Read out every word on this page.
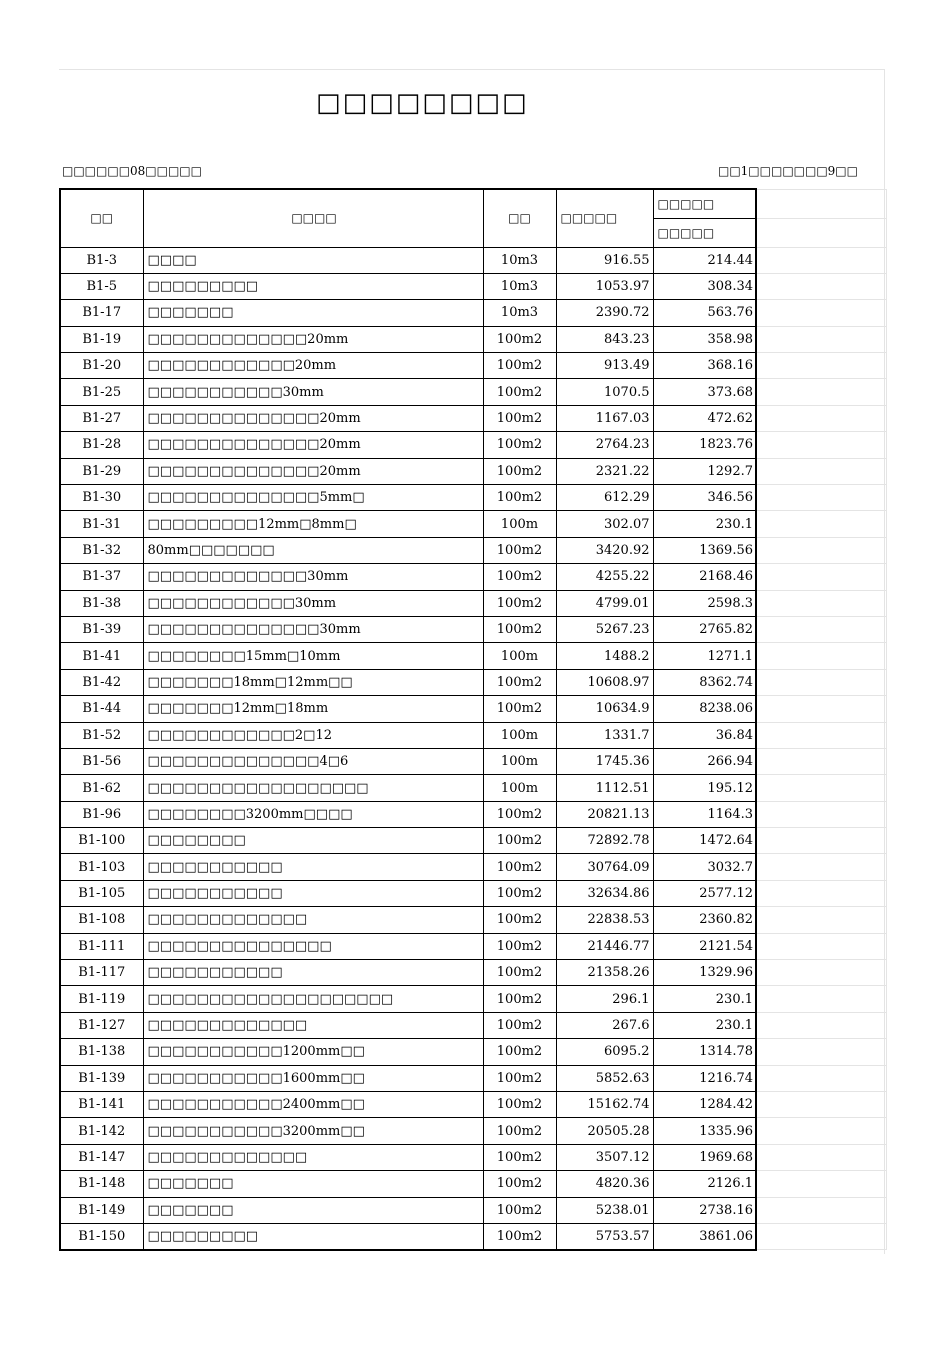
□□□□□□□□
□□□□□□08□□□□□	□□1□□□□□□□9□□
□□	□□□□	□□	□□□□□	□□□□□	
				□□□□□	
B1-3	□□□□	10m3	916.55	214.44	
B1-5	□□□□□□□□□	10m3	1053.97	308.34	
B1-17	□□□□□□□	10m3	2390.72	563.76	
B1-19	□□□□□□□□□□□□□20mm	100m2	843.23	358.98	
B1-20	□□□□□□□□□□□□20mm	100m2	913.49	368.16	
B1-25	□□□□□□□□□□□30mm	100m2	1070.5	373.68	
B1-27	□□□□□□□□□□□□□□20mm	100m2	1167.03	472.62	
B1-28	□□□□□□□□□□□□□□20mm	100m2	2764.23	1823.76	
B1-29	□□□□□□□□□□□□□□20mm	100m2	2321.22	1292.7	
B1-30	□□□□□□□□□□□□□□5mm□	100m2	612.29	346.56	
B1-31	□□□□□□□□□12mm□8mm□	100m	302.07	230.1	
B1-32	80mm□□□□□□□	100m2	3420.92	1369.56	
B1-37	□□□□□□□□□□□□□30mm	100m2	4255.22	2168.46	
B1-38	□□□□□□□□□□□□30mm	100m2	4799.01	2598.3	
B1-39	□□□□□□□□□□□□□□30mm	100m2	5267.23	2765.82	
B1-41	□□□□□□□□15mm□10mm	100m	1488.2	1271.1	
B1-42	□□□□□□□18mm□12mm□□	100m2	10608.97	8362.74	
B1-44	□□□□□□□12mm□18mm	100m2	10634.9	8238.06	
B1-52	□□□□□□□□□□□□2□12	100m	1331.7	36.84	
B1-56	□□□□□□□□□□□□□□4□6	100m	1745.36	266.94	
B1-62	□□□□□□□□□□□□□□□□□□	100m	1112.51	195.12	
B1-96	□□□□□□□□3200mm□□□□	100m2	20821.13	1164.3	
B1-100	□□□□□□□□	100m2	72892.78	1472.64	
B1-103	□□□□□□□□□□□	100m2	30764.09	3032.7	
B1-105	□□□□□□□□□□□	100m2	32634.86	2577.12	
B1-108	□□□□□□□□□□□□□	100m2	22838.53	2360.82	
B1-111	□□□□□□□□□□□□□□□	100m2	21446.77	2121.54	
B1-117	□□□□□□□□□□□	100m2	21358.26	1329.96	
B1-119	□□□□□□□□□□□□□□□□□□□□	100m2	296.1	230.1	
B1-127	□□□□□□□□□□□□□	100m2	267.6	230.1	
B1-138	□□□□□□□□□□□1200mm□□	100m2	6095.2	1314.78	
B1-139	□□□□□□□□□□□1600mm□□	100m2	5852.63	1216.74	
B1-141	□□□□□□□□□□□2400mm□□	100m2	15162.74	1284.42	
B1-142	□□□□□□□□□□□3200mm□□	100m2	20505.28	1335.96	
B1-147	□□□□□□□□□□□□□	100m2	3507.12	1969.68	
B1-148	□□□□□□□	100m2	4820.36	2126.1	
B1-149	□□□□□□□	100m2	5238.01	2738.16	
B1-150	□□□□□□□□□	100m2	5753.57	3861.06	
